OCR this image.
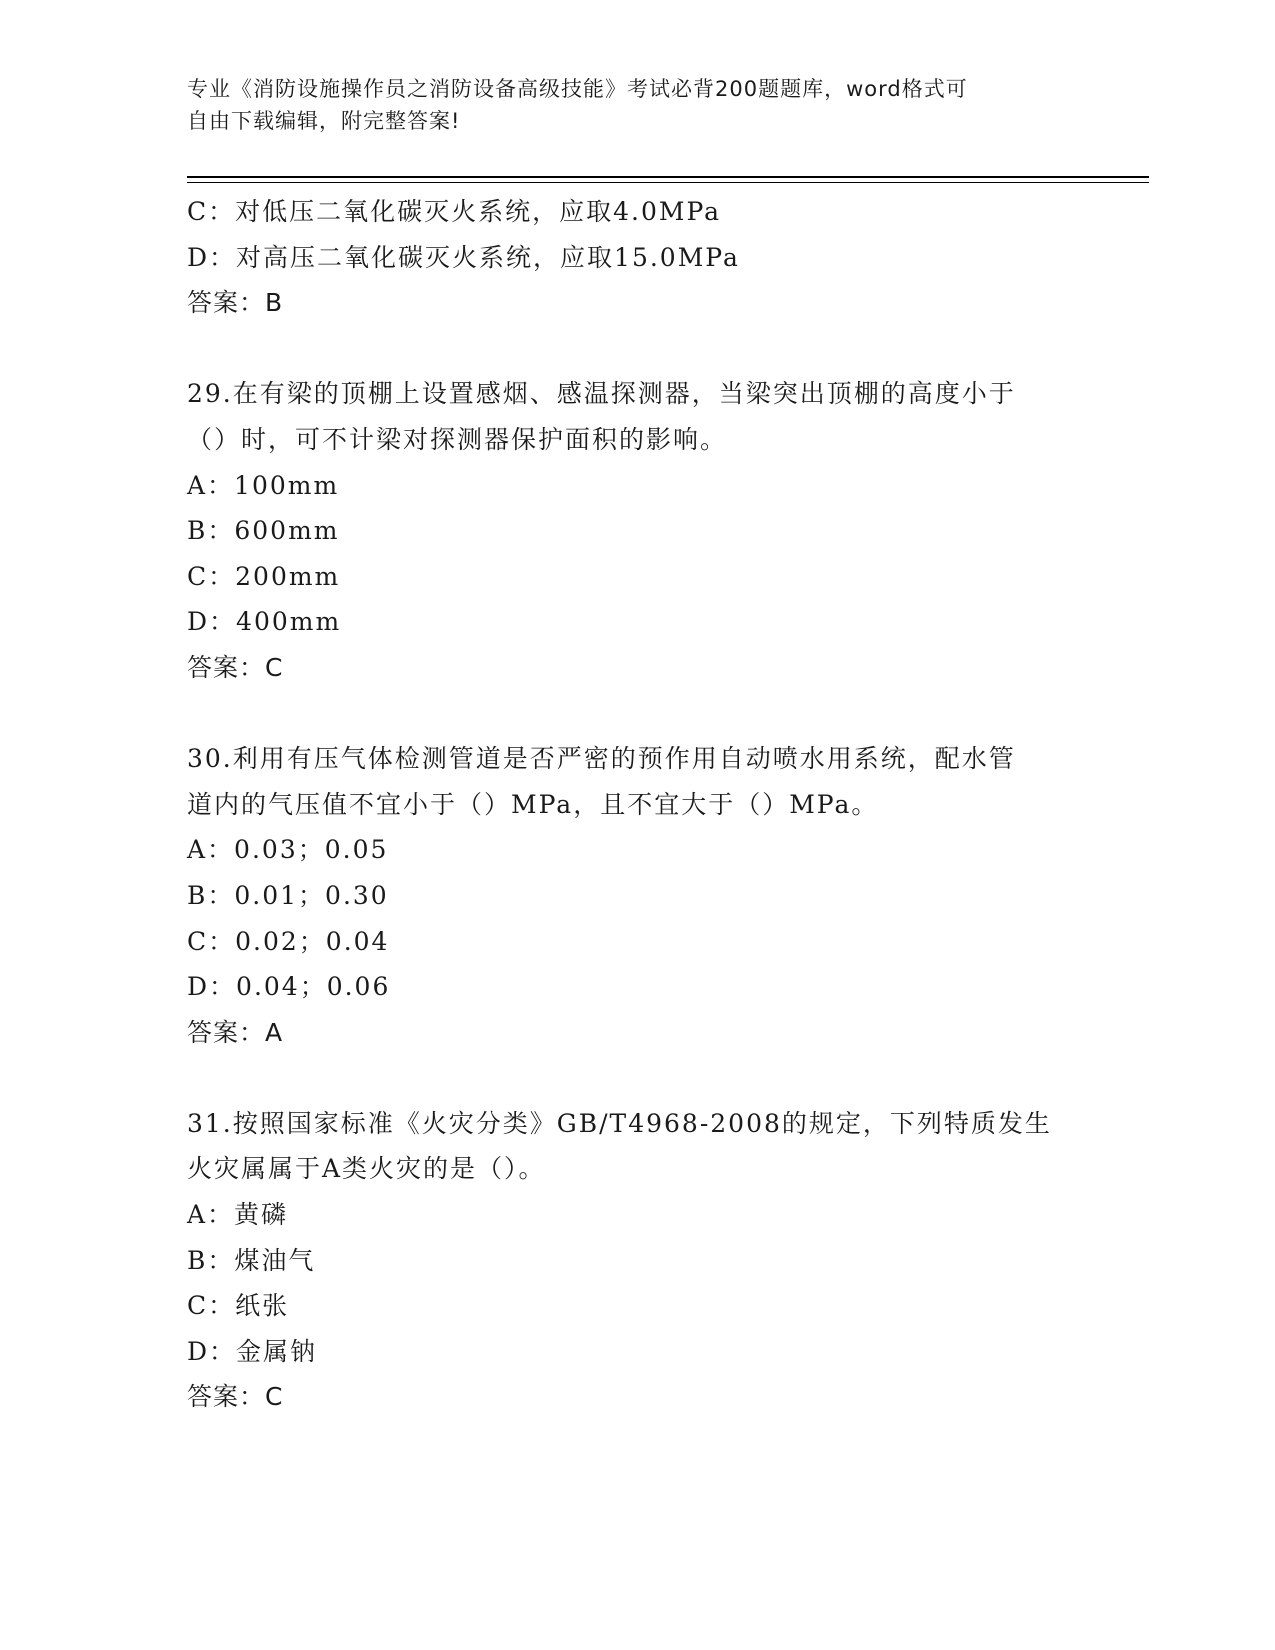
专业《消防设施操作员之消防设备高级技能》考试必背200题题库，word格式可
自由下载编辑，附完整答案!
C：对低压二氧化碳灭火系统，应取4.0MPa
D：对高压二氧化碳灭火系统，应取15.0MPa
答案：B
29.在有梁的顶棚上设置感烟、感温探测器，当梁突出顶棚的高度小于
（）时，可不计梁对探测器保护面积的影响。
A：100mm
B：600mm
C：200mm
D：400mm
答案：C
30.利用有压气体检测管道是否严密的预作用自动喷水用系统，配水管
道内的气压值不宜小于（）MPa，且不宜大于（）MPa。
A：0.03；0.05
B：0.01；0.30
C：0.02；0.04
D：0.04；0.06
答案：A
31.按照国家标准《火灾分类》GB/T4968-2008的规定，下列特质发生
火灾属属于A类火灾的是（）。
A：黄磷
B：煤油气
C：纸张
D：金属钠
答案：C
